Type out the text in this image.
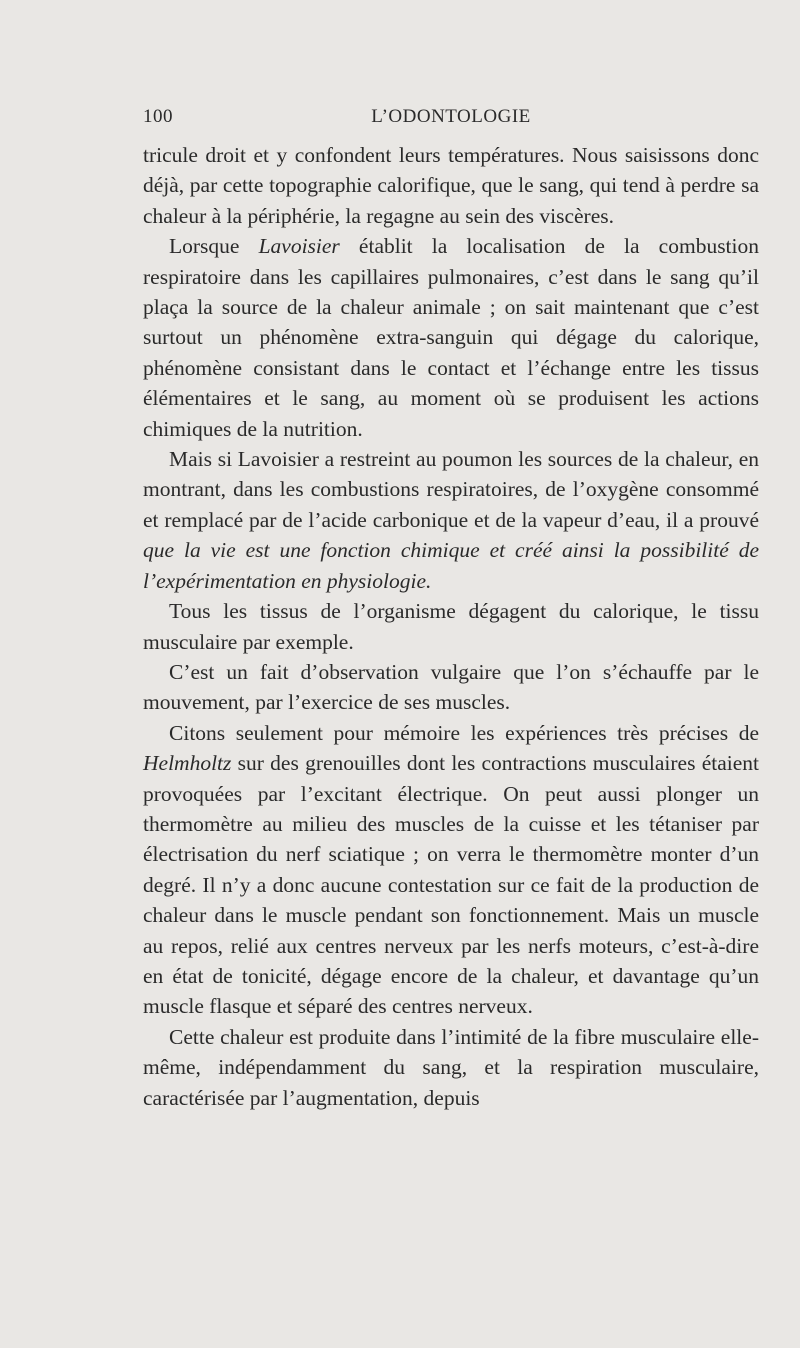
100	L’ODONTOLOGIE

tricule droit et y confondent leurs températures. Nous saisissons donc déjà, par cette topographie calorifique, que le sang, qui tend à perdre sa chaleur à la périphérie, la regagne au sein des viscères.

Lorsque Lavoisier établit la localisation de la combustion respiratoire dans les capillaires pulmonaires, c’est dans le sang qu’il plaça la source de la chaleur animale ; on sait maintenant que c’est surtout un phénomène extra-sanguin qui dégage du calorique, phénomène consistant dans le contact et l’échange entre les tissus élémentaires et le sang, au moment où se produisent les actions chimiques de la nutrition.

Mais si Lavoisier a restreint au poumon les sources de la chaleur, en montrant, dans les combustions respiratoires, de l’oxygène consommé et remplacé par de l’acide carbonique et de la vapeur d’eau, il a prouvé que la vie est une fonction chimique et créé ainsi la possibilité de l’expérimentation en physiologie.

Tous les tissus de l’organisme dégagent du calorique, le tissu musculaire par exemple.

C’est un fait d’observation vulgaire que l’on s’échauffe par le mouvement, par l’exercice de ses muscles.

Citons seulement pour mémoire les expériences très précises de Helmholtz sur des grenouilles dont les contractions musculaires étaient provoquées par l’excitant électrique. On peut aussi plonger un thermomètre au milieu des muscles de la cuisse et les tétaniser par électrisation du nerf sciatique ; on verra le thermomètre monter d’un degré. Il n’y a donc aucune contestation sur ce fait de la production de chaleur dans le muscle pendant son fonctionnement. Mais un muscle au repos, relié aux centres nerveux par les nerfs moteurs, c’est-à-dire en état de tonicité, dégage encore de la chaleur, et davantage qu’un muscle flasque et séparé des centres nerveux.

Cette chaleur est produite dans l’intimité de la fibre musculaire elle-même, indépendamment du sang, et la respiration musculaire, caractérisée par l’augmentation, depuis
